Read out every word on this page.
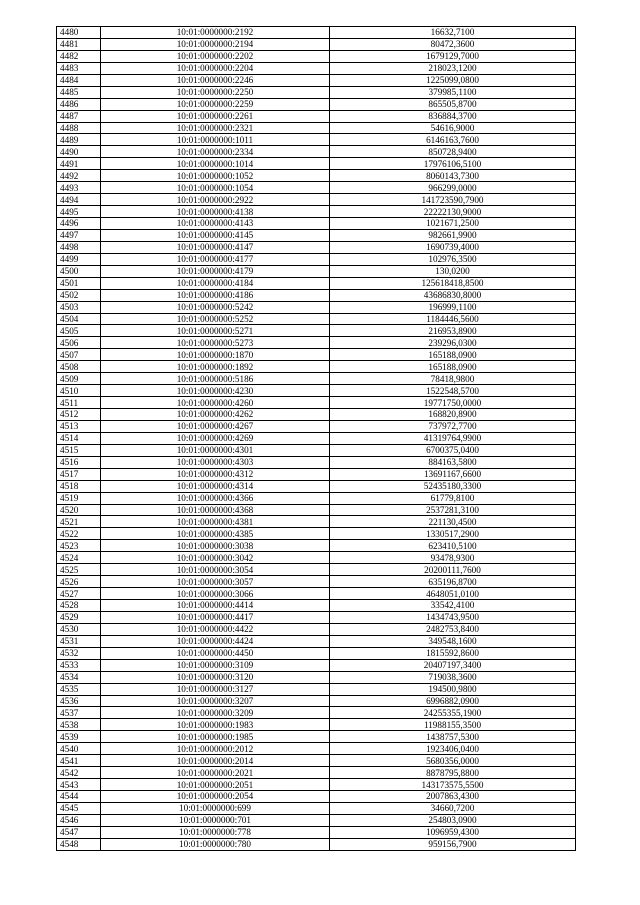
4480	10:01:0000000:2192	16632,7100
4481	10:01:0000000:2194	80472,3600
4482	10:01:0000000:2202	1679129,7000
4483	10:01:0000000:2204	218023,1200
4484	10:01:0000000:2246	1225099,0800
4485	10:01:0000000:2250	379985,1100
4486	10:01:0000000:2259	865505,8700
4487	10:01:0000000:2261	836884,3700
4488	10:01:0000000:2321	54616,9000
4489	10:01:0000000:1011	6146163,7600
4490	10:01:0000000:2334	850728,9400
4491	10:01:0000000:1014	17976106,5100
4492	10:01:0000000:1052	8060143,7300
4493	10:01:0000000:1054	966299,0000
4494	10:01:0000000:2922	141723590,7900
4495	10:01:0000000:4138	22222130,9000
4496	10:01:0000000:4143	1021671,2500
4497	10:01:0000000:4145	982661,9900
4498	10:01:0000000:4147	1690739,4000
4499	10:01:0000000:4177	102976,3500
4500	10:01:0000000:4179	130,0200
4501	10:01:0000000:4184	125618418,8500
4502	10:01:0000000:4186	43686830,8000
4503	10:01:0000000:5242	196999,1100
4504	10:01:0000000:5252	1184446,5600
4505	10:01:0000000:5271	216953,8900
4506	10:01:0000000:5273	239296,0300
4507	10:01:0000000:1870	165188,0900
4508	10:01:0000000:1892	165188,0900
4509	10:01:0000000:5186	78418,9800
4510	10:01:0000000:4230	1522548,5700
4511	10:01:0000000:4260	19771750,0000
4512	10:01:0000000:4262	168820,8900
4513	10:01:0000000:4267	737972,7700
4514	10:01:0000000:4269	41319764,9900
4515	10:01:0000000:4301	6700375,0400
4516	10:01:0000000:4303	884163,5800
4517	10:01:0000000:4312	13691167,6600
4518	10:01:0000000:4314	52435180,3300
4519	10:01:0000000:4366	61779,8100
4520	10:01:0000000:4368	2537281,3100
4521	10:01:0000000:4381	221130,4500
4522	10:01:0000000:4385	1330517,2900
4523	10:01:0000000:3038	623410,5100
4524	10:01:0000000:3042	93478,9300
4525	10:01:0000000:3054	20200111,7600
4526	10:01:0000000:3057	635196,8700
4527	10:01:0000000:3066	4648051,0100
4528	10:01:0000000:4414	33542,4100
4529	10:01:0000000:4417	1434743,9500
4530	10:01:0000000:4422	2482753,8400
4531	10:01:0000000:4424	349548,1600
4532	10:01:0000000:4450	1815592,8600
4533	10:01:0000000:3109	20407197,3400
4534	10:01:0000000:3120	719038,3600
4535	10:01:0000000:3127	194500,9800
4536	10:01:0000000:3207	6996882,0900
4537	10:01:0000000:3209	24255355,1900
4538	10:01:0000000:1983	11988155,3500
4539	10:01:0000000:1985	1438757,5300
4540	10:01:0000000:2012	1923406,0400
4541	10:01:0000000:2014	5680356,0000
4542	10:01:0000000:2021	8878795,8800
4543	10:01:0000000:2051	143173575,5500
4544	10:01:0000000:2054	2007863,4300
4545	10:01:0000000:699	34660,7200
4546	10:01:0000000:701	254803,0900
4547	10:01:0000000:778	1096959,4300
4548	10:01:0000000:780	959156,7900
